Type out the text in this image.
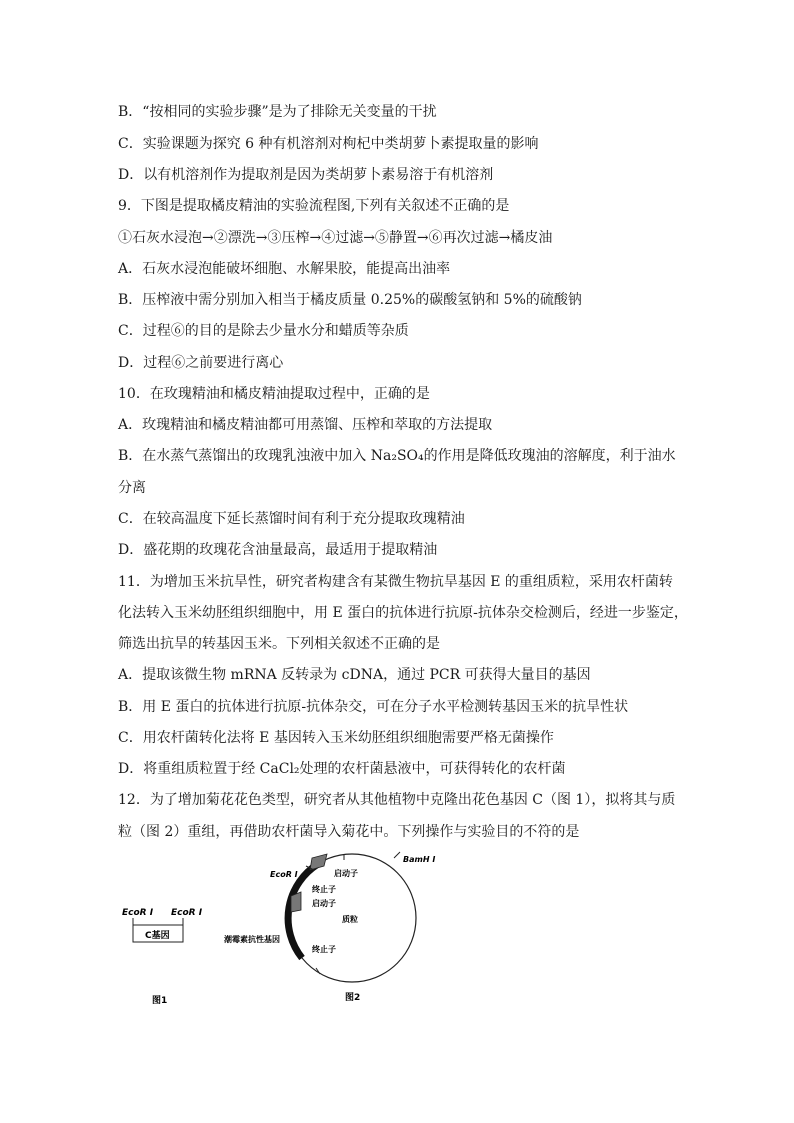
B．“按相同的实验步骤”是为了排除无关变量的干扰
C．实验课题为探究 6 种有机溶剂对枸杞中类胡萝卜素提取量的影响
D．以有机溶剂作为提取剂是因为类胡萝卜素易溶于有机溶剂
9．下图是提取橘皮精油的实验流程图,下列有关叙述不正确的是
①石灰水浸泡→②漂洗→③压榨→④过滤→⑤静置→⑥再次过滤→橘皮油
A．石灰水浸泡能破坏细胞、水解果胶，能提高出油率
B．压榨液中需分别加入相当于橘皮质量 0.25%的碳酸氢钠和 5%的硫酸钠
C．过程⑥的目的是除去少量水分和蜡质等杂质
D．过程⑥之前要进行离心
10．在玫瑰精油和橘皮精油提取过程中，正确的是
A．玫瑰精油和橘皮精油都可用蒸馏、压榨和萃取的方法提取
B．在水蒸气蒸馏出的玫瑰乳浊液中加入 Na₂SO₄的作用是降低玫瑰油的溶解度，利于油水
分离
C．在较高温度下延长蒸馏时间有利于充分提取玫瑰精油
D．盛花期的玫瑰花含油量最高，最适用于提取精油
11．为增加玉米抗旱性，研究者构建含有某微生物抗旱基因 E 的重组质粒，采用农杆菌转
化法转入玉米幼胚组织细胞中，用 E 蛋白的抗体进行抗原-抗体杂交检测后，经进一步鉴定，
筛选出抗旱的转基因玉米。下列相关叙述不正确的是
A．提取该微生物 mRNA 反转录为 cDNA，通过 PCR 可获得大量目的基因
B．用 E 蛋白的抗体进行抗原-抗体杂交，可在分子水平检测转基因玉米的抗旱性状
C．用农杆菌转化法将 E 基因转入玉米幼胚组织细胞需要严格无菌操作
D．将重组质粒置于经 CaCl₂处理的农杆菌悬液中，可获得转化的农杆菌
12．为了增加菊花花色类型，研究者从其他植物中克隆出花色基因 C（图 1），拟将其与质
粒（图 2）重组，再借助农杆菌导入菊花中。下列操作与实验目的不符的是
EcoR Ⅰ EcoR Ⅰ
C基因
图1
EcoR Ⅰ
BamH Ⅰ
启动子
终止子
启动子
质粒
潮霉素抗性基因
终止子
图2
